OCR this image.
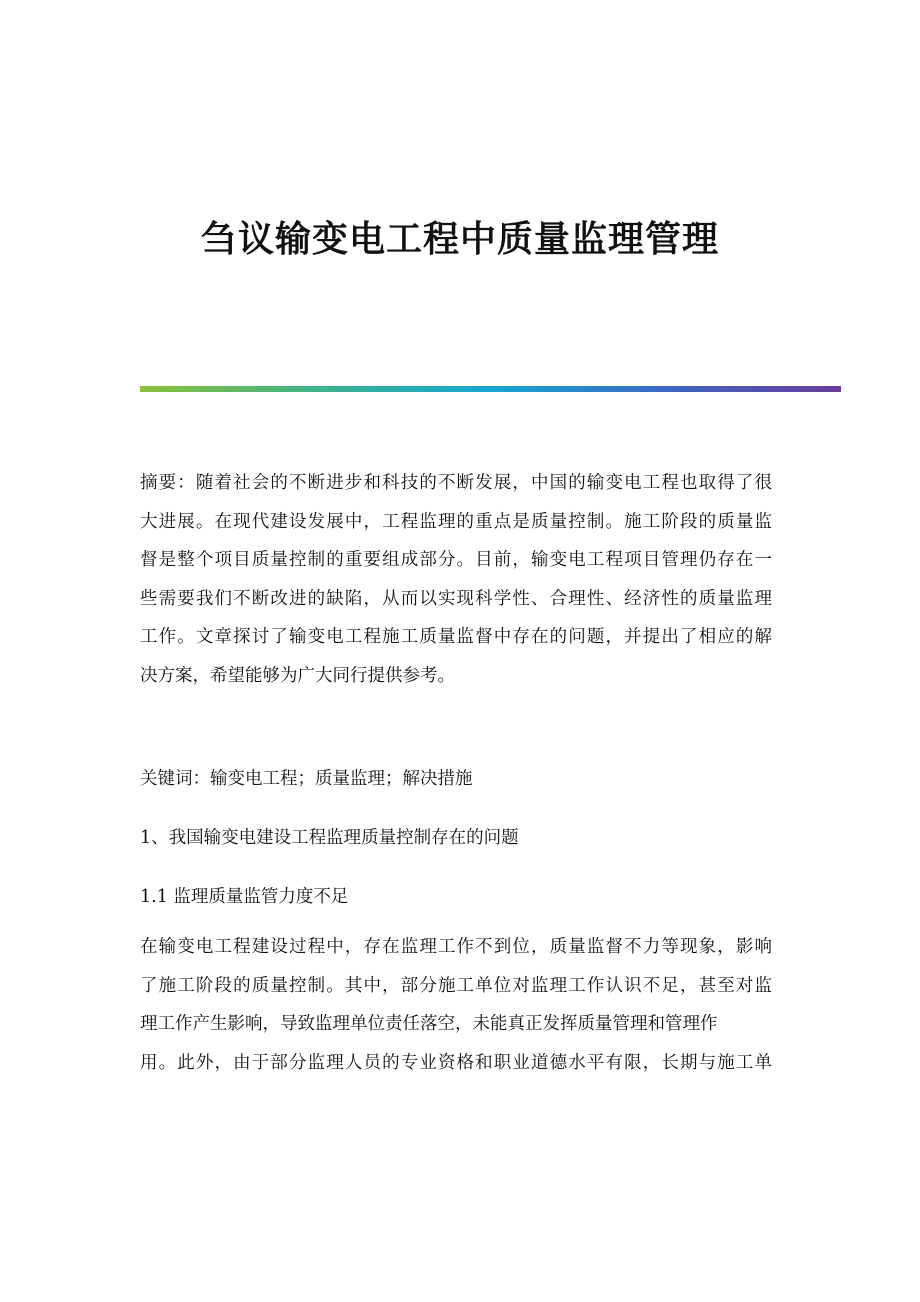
刍议输变电工程中质量监理管理
摘要：随着社会的不断进步和科技的不断发展，中国的输变电工程也取得了很
大进展。在现代建设发展中，工程监理的重点是质量控制。施工阶段的质量监
督是整个项目质量控制的重要组成部分。目前，输变电工程项目管理仍存在一
些需要我们不断改进的缺陷，从而以实现科学性、合理性、经济性的质量监理
工作。文章探讨了输变电工程施工质量监督中存在的问题，并提出了相应的解
决方案，希望能够为广大同行提供参考。
关键词：输变电工程；质量监理；解决措施
1、我国输变电建设工程监理质量控制存在的问题
1.1 监理质量监管力度不足
在输变电工程建设过程中，存在监理工作不到位，质量监督不力等现象，影响
了施工阶段的质量控制。其中，部分施工单位对监理工作认识不足，甚至对监
理工作产生影响，导致监理单位责任落空，未能真正发挥质量管理和管理作
用。此外，由于部分监理人员的专业资格和职业道德水平有限，长期与施工单
